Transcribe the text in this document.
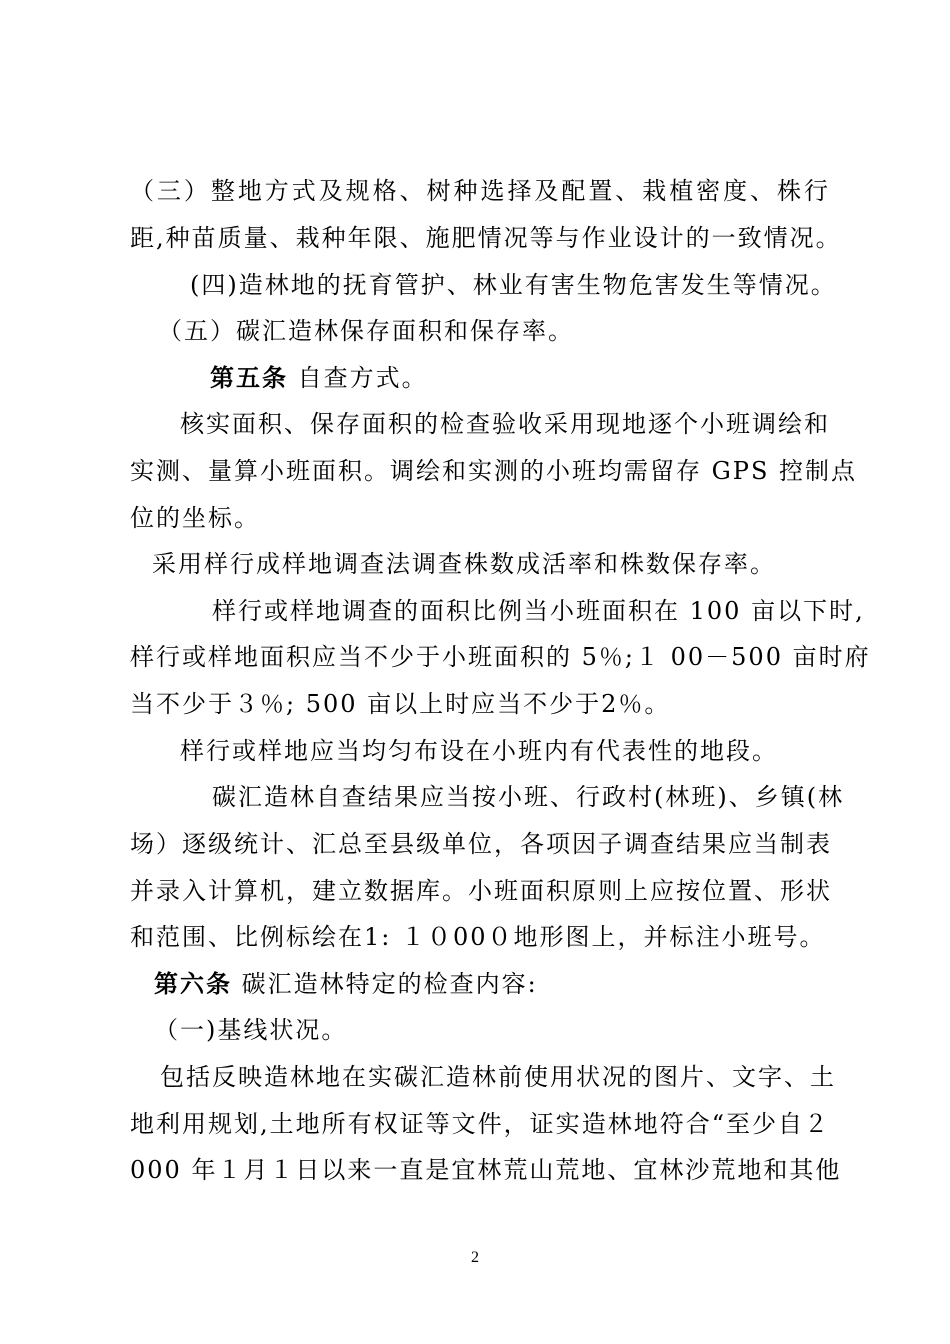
（三）整地方式及规格、树种选择及配置、栽植密度、株行
距,种苗质量、栽种年限、施肥情况等与作业设计的一致情况。
(四)造林地的抚育管护、林业有害生物危害发生等情况。
（五）碳汇造林保存面积和保存率。
第五条 自查方式。
核实面积、保存面积的检查验收采用现地逐个小班调绘和
实测、量算小班面积。调绘和实测的小班均需留存 GPS 控制点
位的坐标。
采用样行成样地调查法调查株数成活率和株数保存率。
样行或样地调查的面积比例当小班面积在 100 亩以下时,
样行或样地面积应当不少于小班面积的 5％;１ 00－500 亩时府
当不少于３％; 500 亩以上时应当不少于2％。
样行或样地应当均匀布设在小班内有代表性的地段。
碳汇造林自查结果应当按小班、行政村(林班)、乡镇(林
场）逐级统计、汇总至县级单位，各项因子调查结果应当制表
并录入计算机，建立数据库。小班面积原则上应按位置、形状
和范围、比例标绘在1: １０00０地形图上，并标注小班号。
第六条 碳汇造林特定的检查内容:
（一)基线状况。
包括反映造林地在实碳汇造林前使用状况的图片、文字、土
地利用规划,土地所有权证等文件，证实造林地符合“至少自２
000 年１月１日以来一直是宜林荒山荒地、宜林沙荒地和其他
2
